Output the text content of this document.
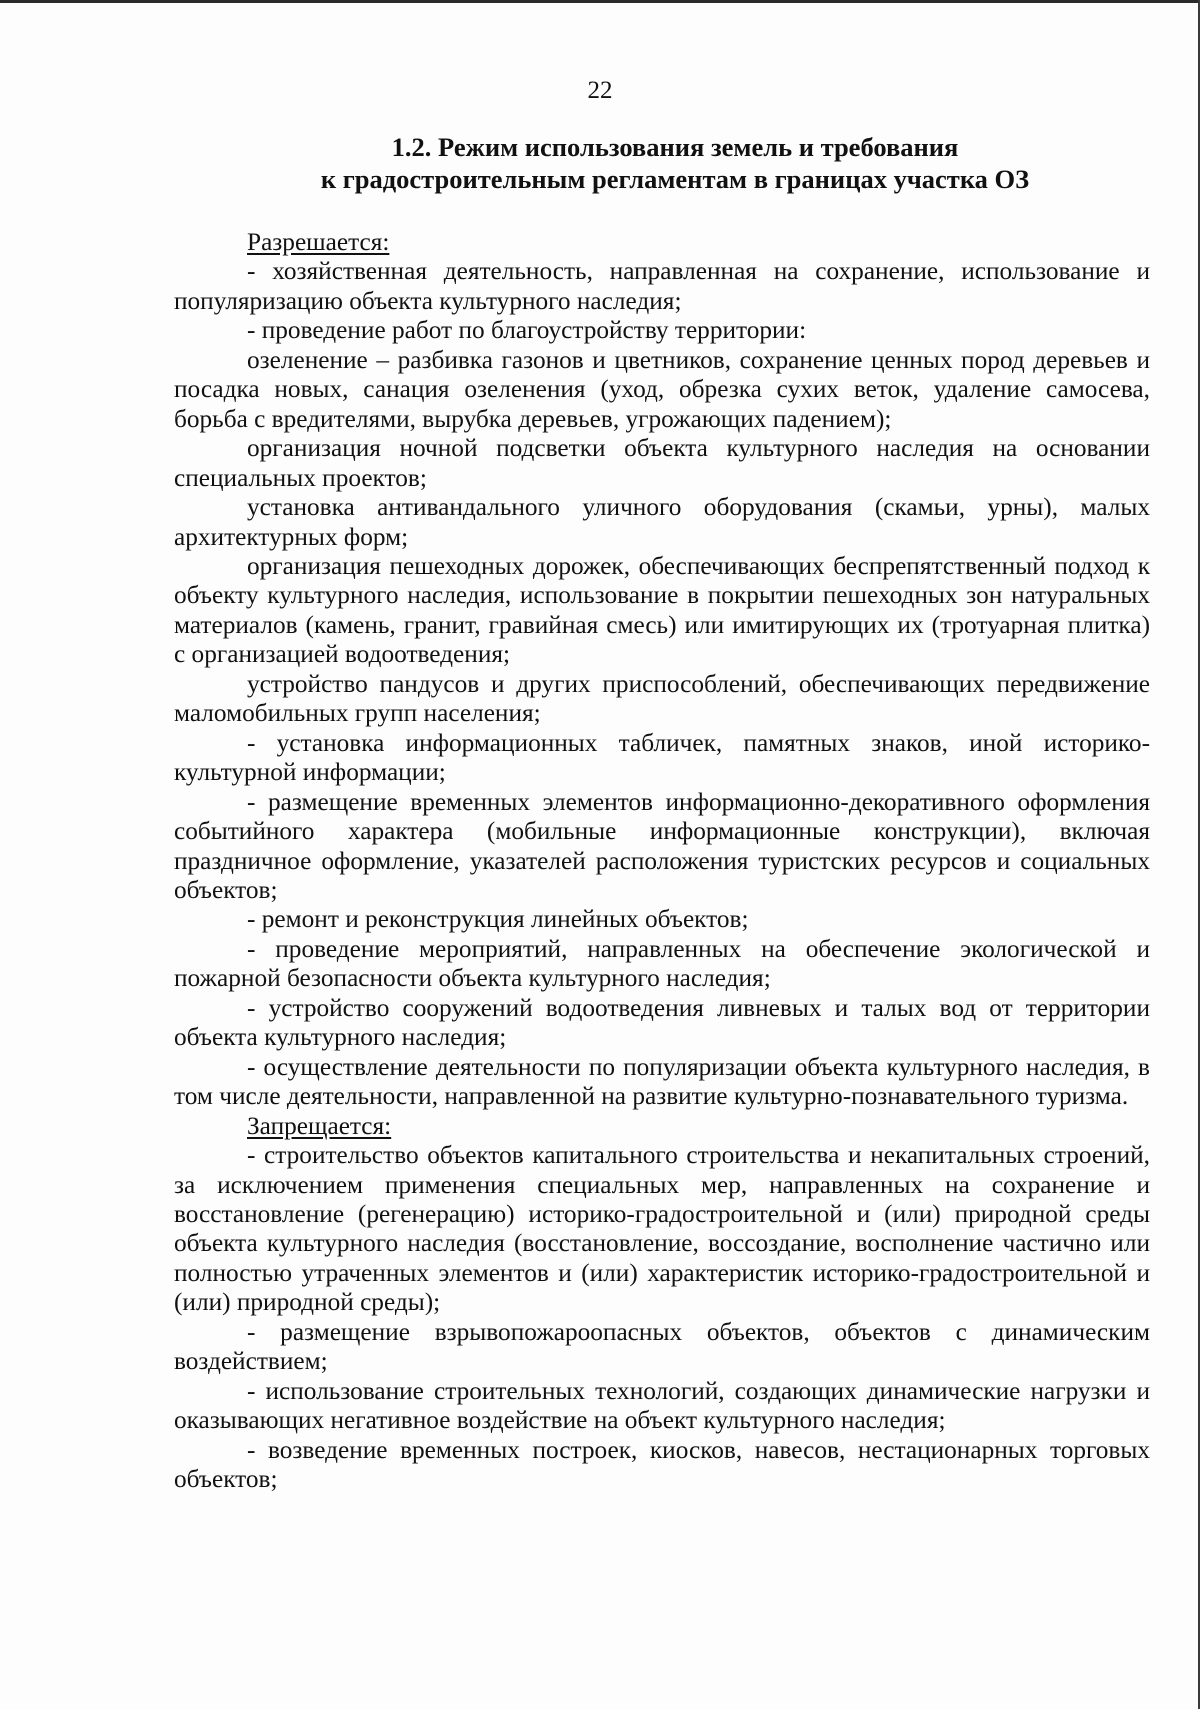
22
1.2. Режим использования земель и требования
к градостроительным регламентам в границах участка ОЗ

Разрешается:

- хозяйственная деятельность, направленная на сохранение, использование и популяризацию объекта культурного наследия;

- проведение работ по благоустройству территории:

озеленение – разбивка газонов и цветников, сохранение ценных пород деревьев и посадка новых, санация озеленения (уход, обрезка сухих веток, удаление самосева, борьба с вредителями, вырубка деревьев, угрожающих падением);

организация ночной подсветки объекта культурного наследия на основании специальных проектов;

установка антивандального уличного оборудования (скамьи, урны), малых архитектурных форм;

организация пешеходных дорожек, обеспечивающих беспрепятственный подход к объекту культурного наследия, использование в покрытии пешеходных зон натуральных материалов (камень, гранит, гравийная смесь) или имитирующих их (тротуарная плитка) с организацией водоотведения;

устройство пандусов и других приспособлений, обеспечивающих передвижение маломобильных групп населения;

- установка информационных табличек, памятных знаков, иной историко-культурной информации;

- размещение временных элементов информационно-декоративного оформления событийного характера (мобильные информационные конструкции), включая праздничное оформление, указателей расположения туристских ресурсов и социальных объектов;

- ремонт и реконструкция линейных объектов;

- проведение мероприятий, направленных на обеспечение экологической и пожарной безопасности объекта культурного наследия;

- устройство сооружений водоотведения ливневых и талых вод от территории объекта культурного наследия;

- осуществление деятельности по популяризации объекта культурного наследия, в том числе деятельности, направленной на развитие культурно-познавательного туризма.

Запрещается:

- строительство объектов капитального строительства и некапитальных строений, за исключением применения специальных мер, направленных на сохранение и восстановление (регенерацию) историко-градостроительной и (или) природной среды объекта культурного наследия (восстановление, воссоздание, восполнение частично или полностью утраченных элементов и (или) характеристик историко-градостроительной и (или) природной среды);

- размещение взрывопожароопасных объектов, объектов с динамическим воздействием;

- использование строительных технологий, создающих динамические нагрузки и оказывающих негативное воздействие на объект культурного наследия;

- возведение временных построек, киосков, навесов, нестационарных торговых объектов;
